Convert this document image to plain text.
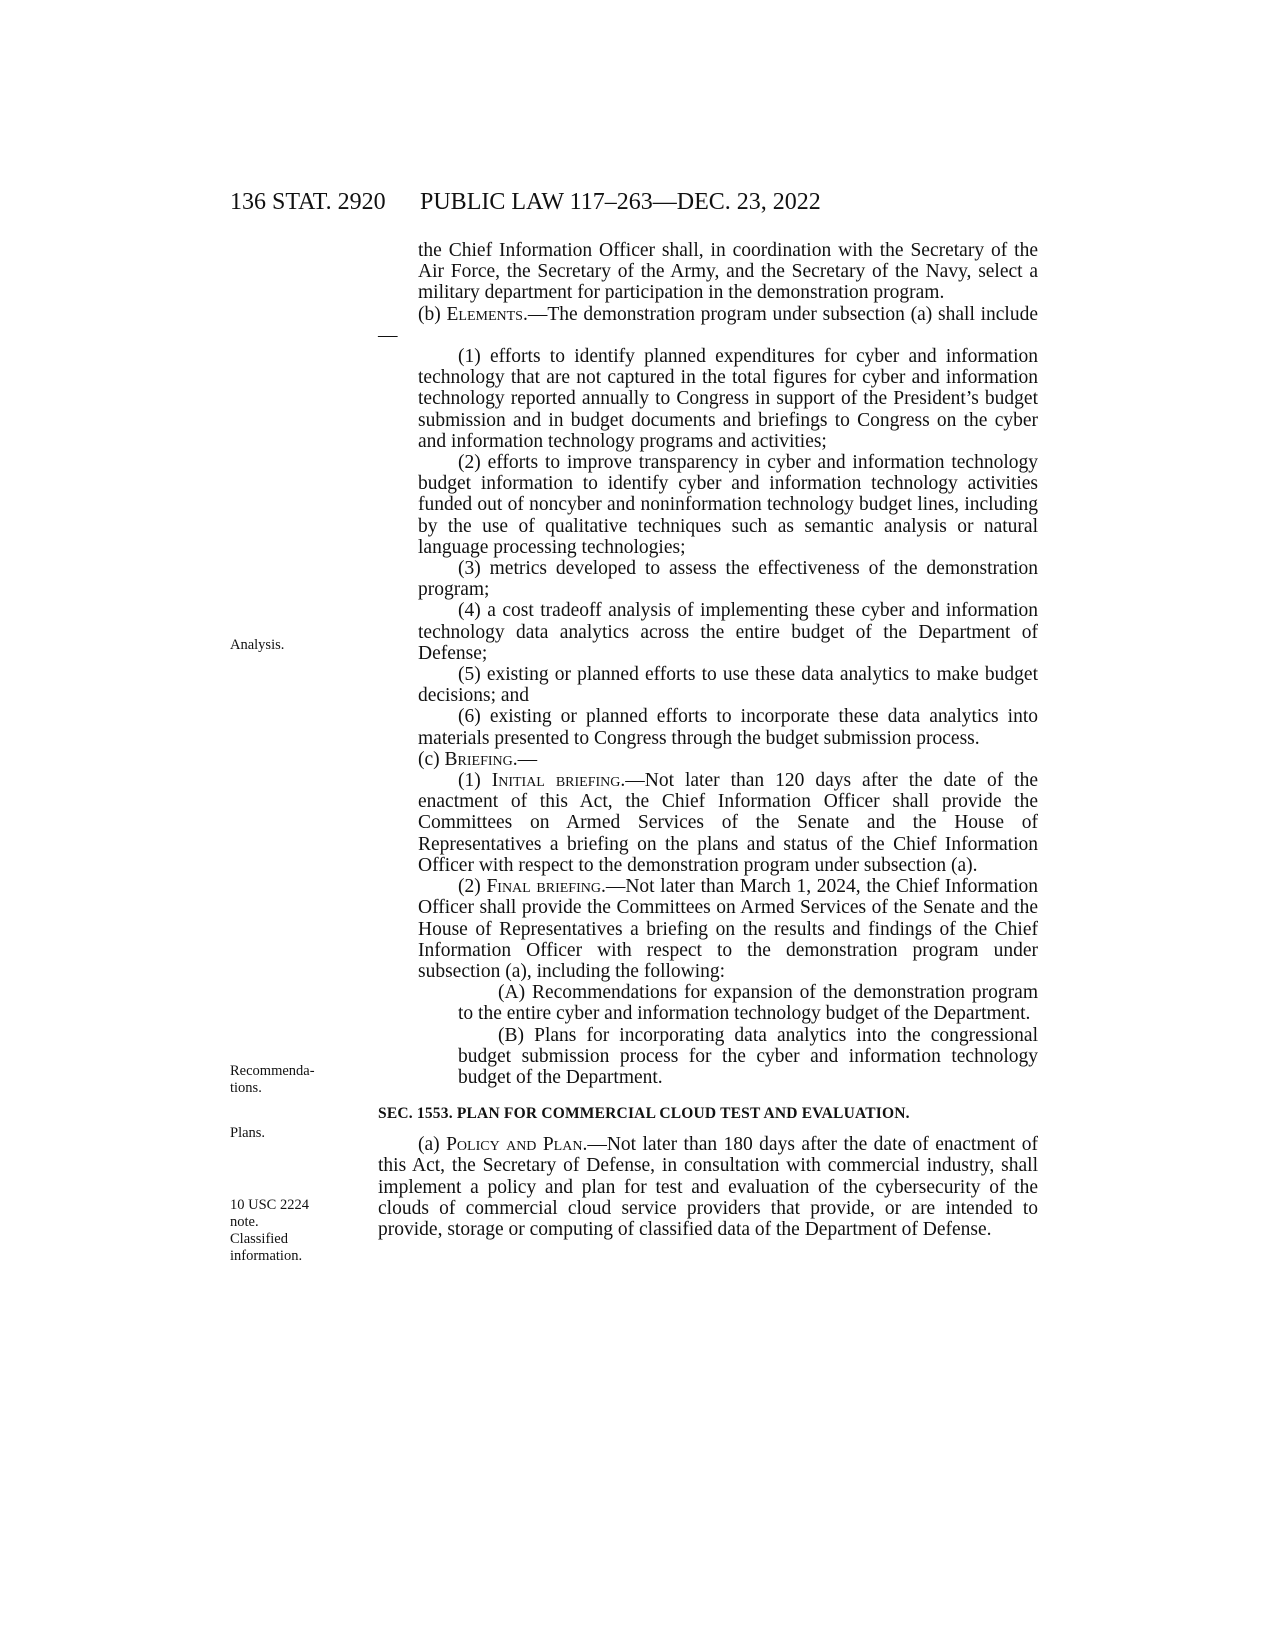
136 STAT. 2920 PUBLIC LAW 117–263—DEC. 23, 2022
Analysis.
Recommenda-
tions.
Plans.
10 USC 2224
note.
Classified
information.

the Chief Information Officer shall, in coordination with the Secretary of the Air Force, the Secretary of the Army, and the Secretary of the Navy, select a military department for participation in the demonstration program.

(b) Elements.—The demonstration program under subsection (a) shall include—

(1) efforts to identify planned expenditures for cyber and information technology that are not captured in the total figures for cyber and information technology reported annually to Congress in support of the President’s budget submission and in budget documents and briefings to Congress on the cyber and information technology programs and activities;

(2) efforts to improve transparency in cyber and information technology budget information to identify cyber and information technology activities funded out of noncyber and noninformation technology budget lines, including by the use of qualitative techniques such as semantic analysis or natural language processing technologies;

(3) metrics developed to assess the effectiveness of the demonstration program;

(4) a cost tradeoff analysis of implementing these cyber and information technology data analytics across the entire budget of the Department of Defense;

(5) existing or planned efforts to use these data analytics to make budget decisions; and

(6) existing or planned efforts to incorporate these data analytics into materials presented to Congress through the budget submission process.

(c) Briefing.—

(1) Initial briefing.—Not later than 120 days after the date of the enactment of this Act, the Chief Information Officer shall provide the Committees on Armed Services of the Senate and the House of Representatives a briefing on the plans and status of the Chief Information Officer with respect to the demonstration program under subsection (a).

(2) Final briefing.—Not later than March 1, 2024, the Chief Information Officer shall provide the Committees on Armed Services of the Senate and the House of Representatives a briefing on the results and findings of the Chief Information Officer with respect to the demonstration program under subsection (a), including the following:

(A) Recommendations for expansion of the demonstration program to the entire cyber and information technology budget of the Department.

(B) Plans for incorporating data analytics into the congressional budget submission process for the cyber and information technology budget of the Department.

SEC. 1553. PLAN FOR COMMERCIAL CLOUD TEST AND EVALUATION.

(a) Policy and Plan.—Not later than 180 days after the date of enactment of this Act, the Secretary of Defense, in consultation with commercial industry, shall implement a policy and plan for test and evaluation of the cybersecurity of the clouds of commercial cloud service providers that provide, or are intended to provide, storage or computing of classified data of the Department of Defense.
